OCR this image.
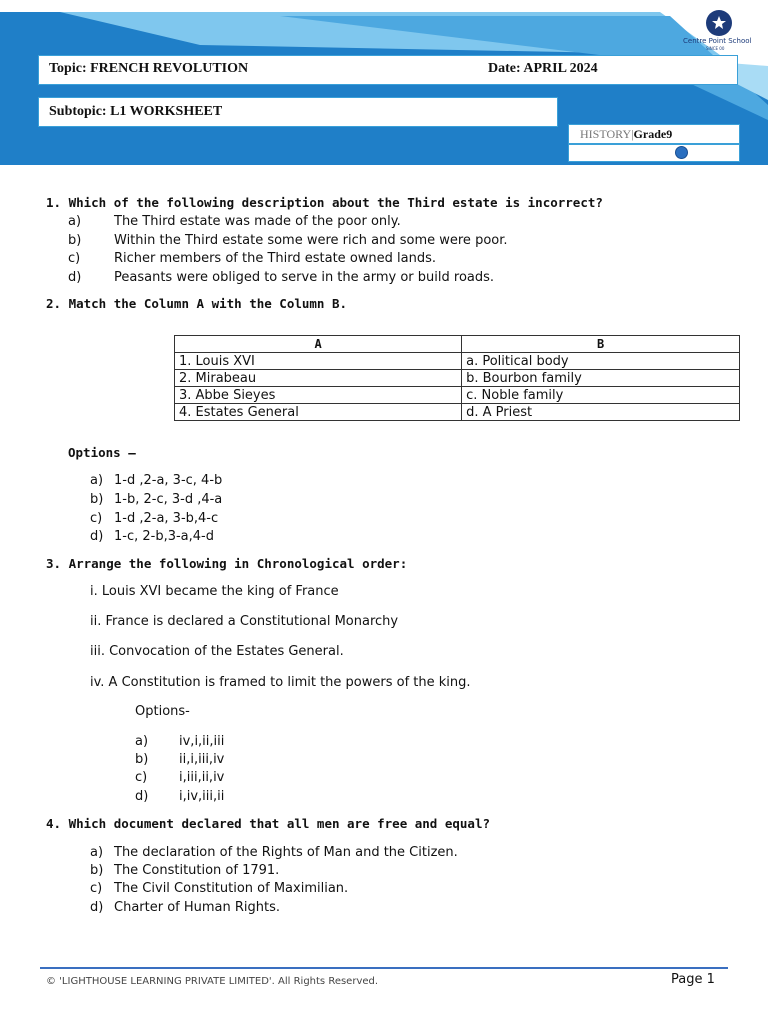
Topic: FRENCH REVOLUTION	Date: APRIL 2024
Subtopic: L1 WORKSHEET
HISTORY|Grade9
Centre Point School
SINCE 00
1. Which of the following description about the Third estate is incorrect?
a)	The Third estate was made of the poor only.
b)	Within the Third estate some were rich and some were poor.
c)	Richer members of the Third estate owned lands.
d)	Peasants were obliged to serve in the army or build roads.
2. Match the Column A with the Column B.
A	B
1. Louis XVI	a. Political body
2. Mirabeau	b. Bourbon family
3. Abbe Sieyes	c. Noble family
4. Estates General	d. A Priest
Options –
a) 1-d ,2-a, 3-c, 4-b
b) 1-b, 2-c, 3-d ,4-a
c) 1-d ,2-a, 3-b,4-c
d) 1-c, 2-b,3-a,4-d
3. Arrange the following in Chronological order:
i. Louis XVI became the king of France
ii. France is declared a Constitutional Monarchy
iii. Convocation of the Estates General.
iv. A Constitution is framed to limit the powers of the king.
Options-
a) iv,i,ii,iii
b) ii,i,iii,iv
c) i,iii,ii,iv
d) i,iv,iii,ii
4. Which document declared that all men are free and equal?
a) The declaration of the Rights of Man and the Citizen.
b) The Constitution of 1791.
c) The Civil Constitution of Maximilian.
d) Charter of Human Rights.
© 'LIGHTHOUSE LEARNING PRIVATE LIMITED'. All Rights Reserved.	Page 1
